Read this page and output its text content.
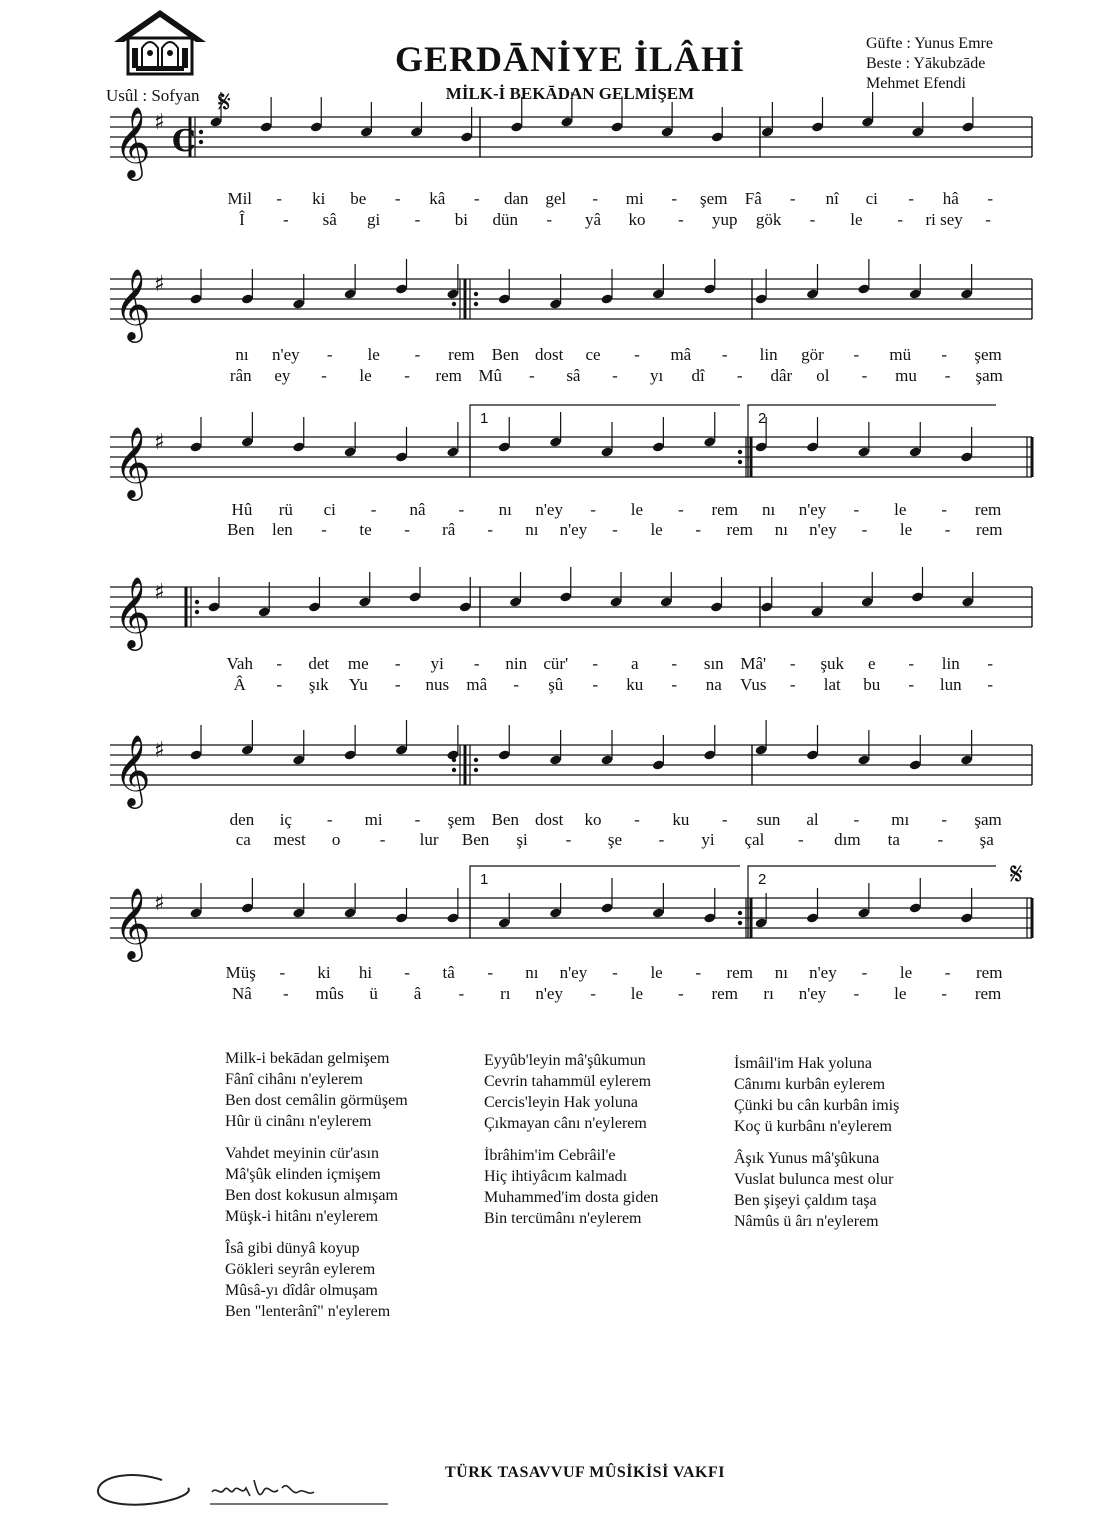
GERDĀNİYE İLÂHİ
MİLK-İ BEKĀDAN GELMİŞEM
Güfte : Yunus Emre
Beste : Yākubzāde
Mehmet Efendi
Usûl : Sofyan
𝄞 ♯
C
𝄞 ♯
𝄞 ♯
1	2
𝄞 ♯
𝄞 ♯
𝄞 ♯
1	2	𝄋
𝄋
Mil - ki be - kâ - dan gel - mi - şem Fâ - nî ci - hâ -
Î - sâ gi - bi dün - yâ ko - yup gök - le - ri sey -
nı n'ey - le - rem Ben dost ce - mâ - lin gör - mü - şem
rân ey - le - rem Mû - sâ - yı dî - dâr ol - mu - şam
Hû rü ci - nâ - nı n'ey - le - rem nı n'ey - le - rem
Ben len - te - râ - nı n'ey - le - rem nı n'ey - le - rem
Vah - det me - yi - nin cür' - a - sın Mâ' - şuk e - lin -
Â - şık Yu - nus mâ - şû - ku - na Vus - lat bu - lun -
den iç - mi - şem Ben dost ko - ku - sun al - mı - şam
ca mest o - lur Ben şi - şe - yi çal - dım ta - şa
Müş - ki hi - tâ - nı n'ey - le - rem nı n'ey - le - rem
Nâ - mûs ü â - rı n'ey - le - rem rı n'ey - le - rem

Milk-i bekādan gelmişem

Fânî cihânı n'eylerem

Ben dost cemâlin görmüşem

Hûr ü cinânı n'eylerem

Vahdet meyinin cür'asın

Mâ'şûk elinden içmişem

Ben dost kokusun almışam

Müşk-i hitânı n'eylerem

Îsâ gibi dünyâ koyup

Gökleri seyrân eylerem

Mûsâ-yı dîdâr olmuşam

Ben "lenterânî" n'eylerem

Eyyûb'leyin mâ'şûkumun

Cevrin tahammül eylerem

Cercis'leyin Hak yoluna

Çıkmayan cânı n'eylerem

İbrâhim'im Cebrâil'e

Hiç ihtiyâcım kalmadı

Muhammed'im dosta giden

Bin tercümânı n'eylerem

İsmâil'im Hak yoluna

Cânımı kurbân eylerem

Çünki bu cân kurbân imiş

Koç ü kurbânı n'eylerem

Âşık Yunus mâ'şûkuna

Vuslat bulunca mest olur

Ben şişeyi çaldım taşa

Nâmûs ü ârı n'eylerem

TÜRK TASAVVUF MÛSİKİSİ VAKFI
